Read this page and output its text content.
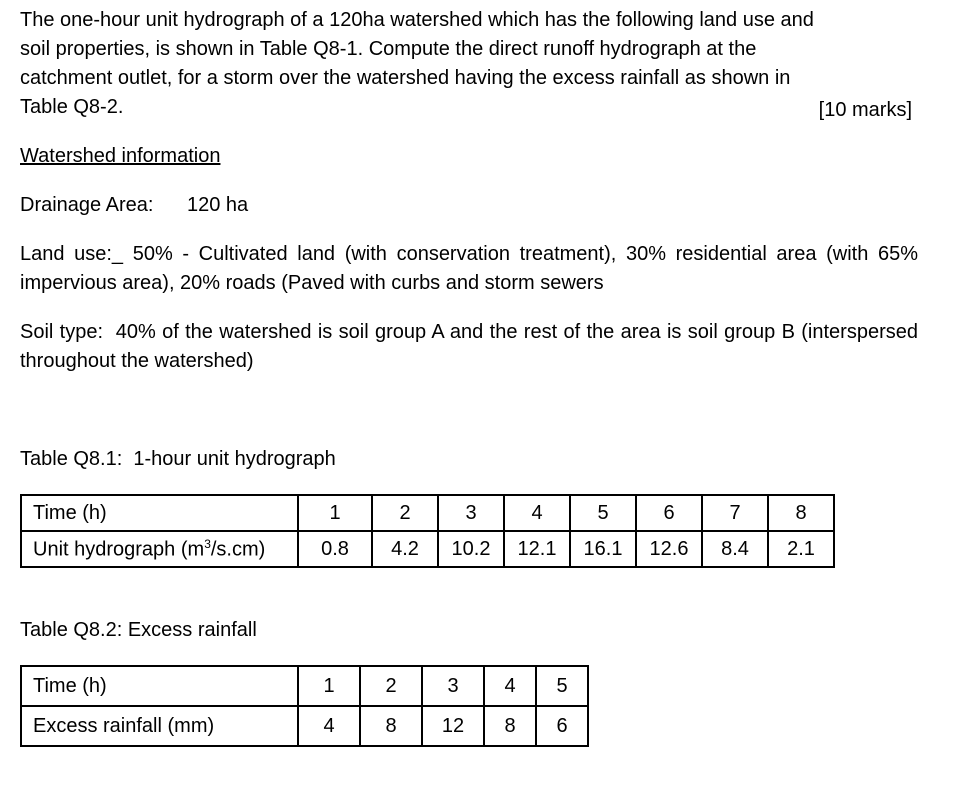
The one-hour unit hydrograph of a 120ha watershed which has the following land use and

soil properties, is shown in Table Q8-1. Compute the direct runoff hydrograph at the

catchment outlet, for a storm over the watershed having the excess rainfall as shown in

Table Q8-2.	[10 marks]

Watershed information

Drainage Area: 120 ha

Land use:_ 50% - Cultivated land (with conservation treatment), 30% residential area (with 65% impervious area), 20% roads (Paved with curbs and storm sewers

Soil type:  40% of the watershed is soil group A and the rest of the area is soil group B (interspersed throughout the watershed)

Table Q8.1:  1-hour unit hydrograph

Time (h)	1	2	3	4	5	6	7	8
Unit hydrograph $(m^3/s.cm)$	0.8	4.2	10.2	12.1	16.1	12.6	8.4	2.1

Table Q8.2: Excess rainfall

Time (h)	1	2	3	4	5
Excess rainfall (mm)	4	8	12	8	6
